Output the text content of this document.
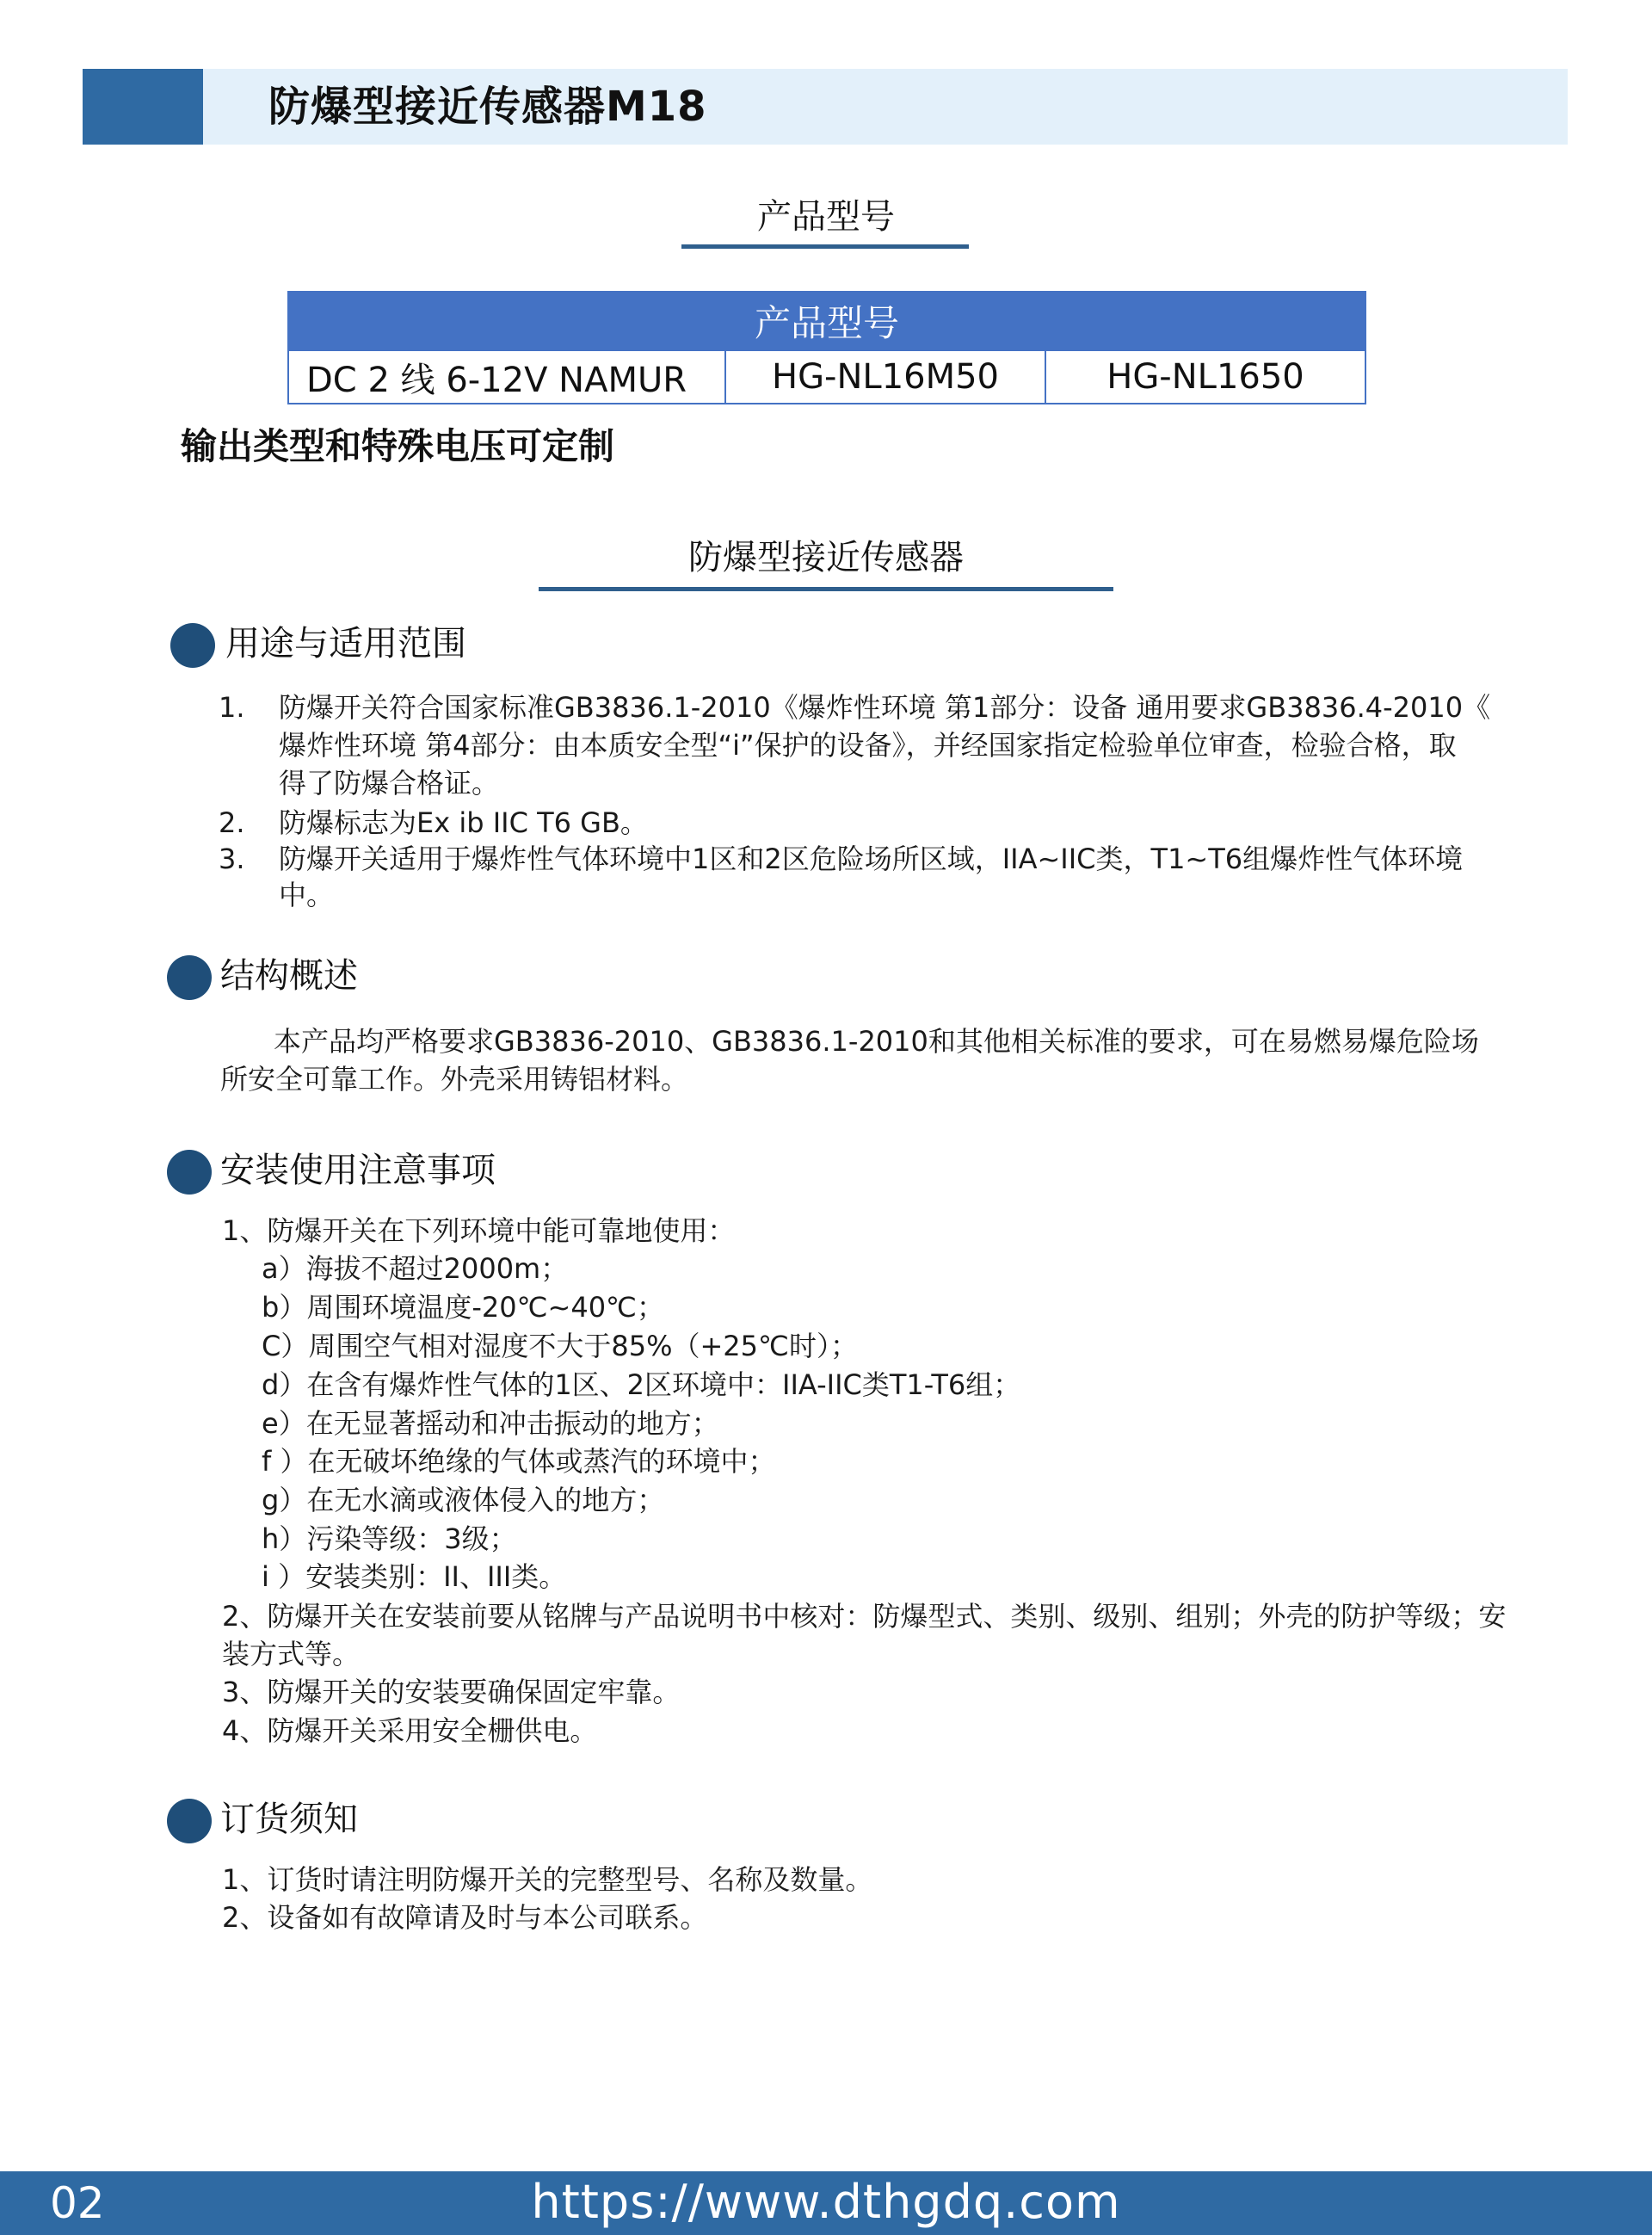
防爆型接近传感器M18
产品型号
产品型号
DC 2 线 6-12V NAMUR	HG-NL16M50	HG-NL1650
输出类型和特殊电压可定制
防爆型接近传感器
用途与适用范围
1. 防爆开关符合国家标准GB3836.1-2010《爆炸性环境 第1部分：设备 通用要求GB3836.4-2010《
爆炸性环境 第4部分：由本质安全型“i”保护的设备》，并经国家指定检验单位审查，检验合格，取
得了防爆合格证。
2. 防爆标志为Ex ib IIC T6 GB。
3. 防爆开关适用于爆炸性气体环境中1区和2区危险场所区域，IIA~IIC类，T1~T6组爆炸性气体环境
中。
结构概述
本产品均严格要求GB3836-2010、GB3836.1-2010和其他相关标准的要求，可在易燃易爆危险场
所安全可靠工作。外壳采用铸铝材料。
安装使用注意事项
1、防爆开关在下列环境中能可靠地使用：
a）海拔不超过2000m；
b）周围环境温度-20℃~40℃；
C）周围空气相对湿度不大于85%（+25℃时）；
d）在含有爆炸性气体的1区、2区环境中：IIA-IIC类T1-T6组；
e）在无显著摇动和冲击振动的地方；
f ）在无破坏绝缘的气体或蒸汽的环境中；
g）在无水滴或液体侵入的地方；
h）污染等级：3级；
i ）安装类别：II、III类。
2、防爆开关在安装前要从铭牌与产品说明书中核对：防爆型式、类别、级别、组别；外壳的防护等级；安
装方式等。
3、防爆开关的安装要确保固定牢靠。
4、防爆开关采用安全栅供电。
订货须知
1、订货时请注明防爆开关的完整型号、名称及数量。
2、设备如有故障请及时与本公司联系。
02	https://www.dthgdq.com
